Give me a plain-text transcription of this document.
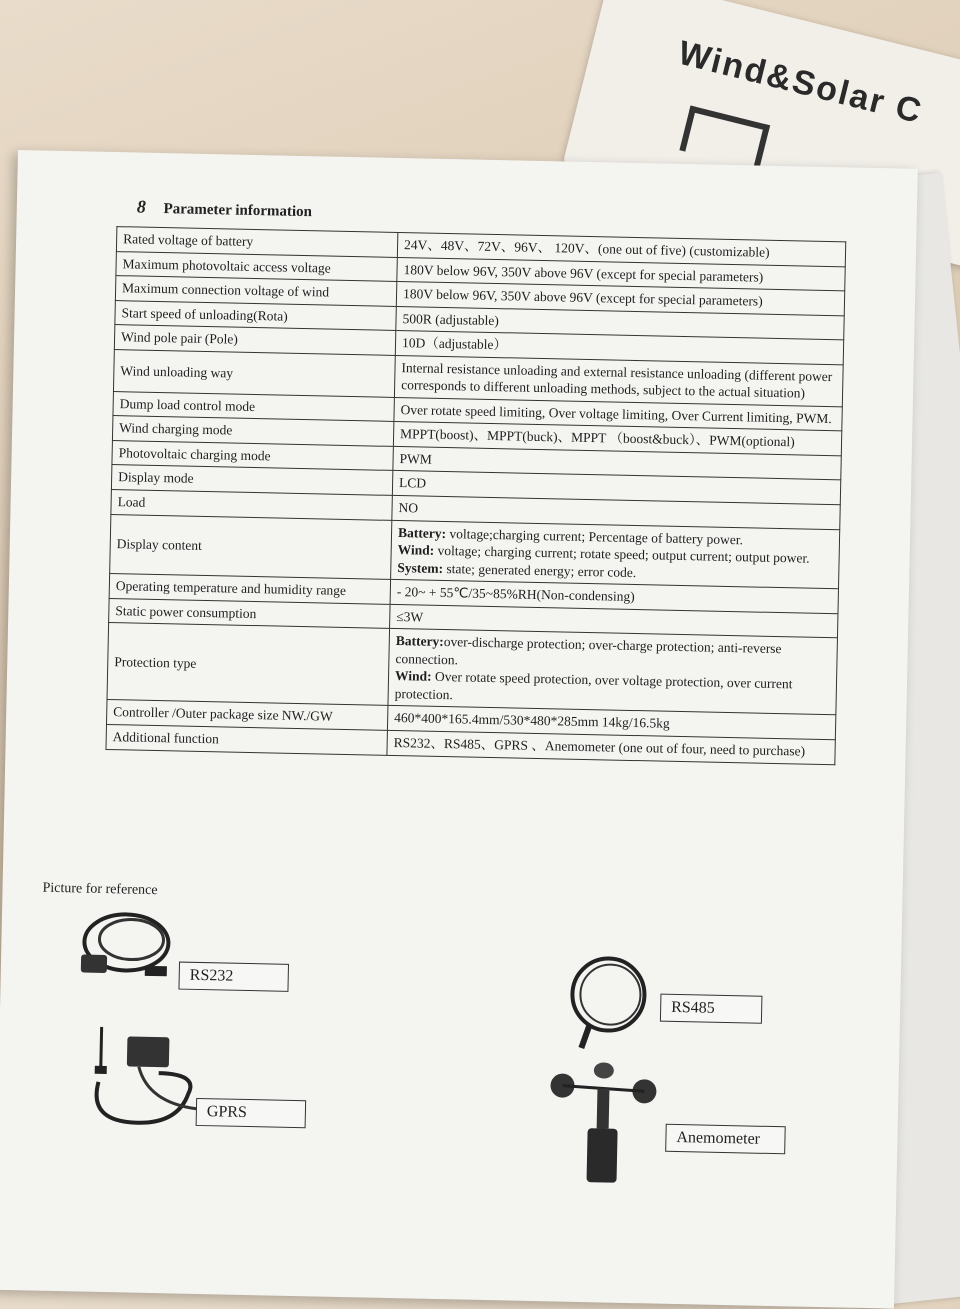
Wind&Solar C
8 Parameter information
Rated voltage of battery	24V、48V、72V、96V、 120V、(one out of five) (customizable)
Maximum photovoltaic access voltage	180V below 96V, 350V above 96V (except for special parameters)
Maximum connection voltage of wind	180V below 96V, 350V above 96V (except for special parameters)
Start speed of unloading(Rota)	500R (adjustable)
Wind pole pair (Pole)	10D（adjustable）
Wind unloading way	Internal resistance unloading and external resistance unloading (different power corresponds to different unloading methods, subject to the actual situation)
Dump load control mode	Over rotate speed limiting, Over voltage limiting, Over Current limiting, PWM.
Wind charging mode	MPPT(boost)、MPPT(buck)、MPPT （boost&buck）、PWM(optional)
Photovoltaic charging mode	PWM
Display mode	LCD
Load	NO
Display content	Battery: voltage;charging current; Percentage of battery power.
Wind: voltage; charging current; rotate speed; output current; output power.
System: state; generated energy; error code.

Operating temperature and humidity range	- 20~ + 55℃/35~85%RH(Non-condensing)
Static power consumption	≤3W
Protection type	Battery:over-discharge protection; over-charge protection; anti-reverse connection.
Wind: Over rotate speed protection, over voltage protection, over current protection.

Controller /Outer package size NW./GW	460*400*165.4mm/530*480*285mm 14kg/16.5kg
Additional function	RS232、RS485、GPRS 、Anemometer (one out of four, need to purchase)
Picture for reference
RS232
RS485
GPRS
Anemometer
